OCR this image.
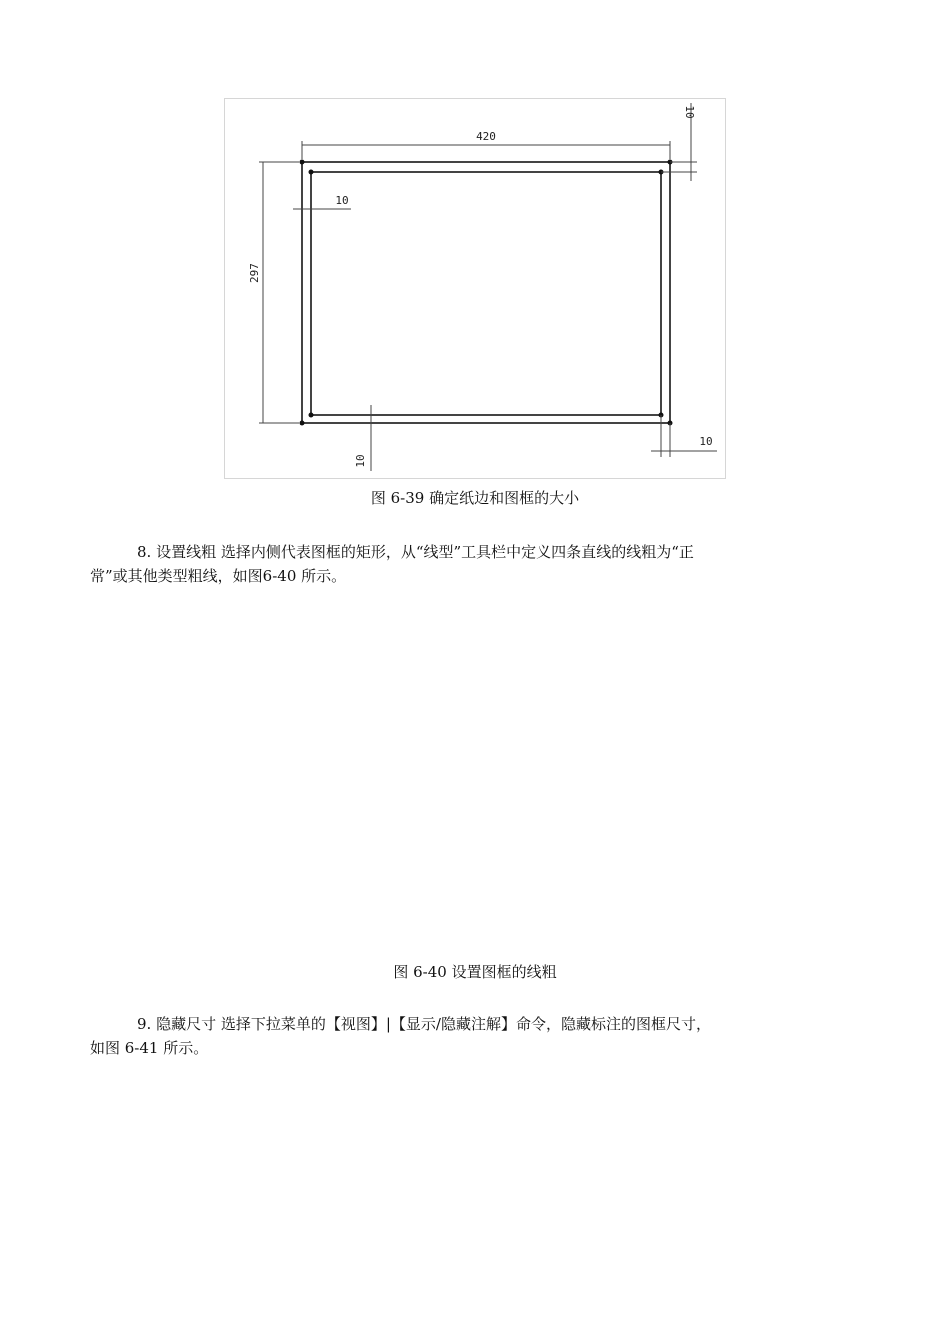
420
297
10
10
10
10
图 6-39 确定纸边和图框的大小
8. 设置线粗 选择内侧代表图框的矩形，从“线型”工具栏中定义四条直线的线粗为“正
常”或其他类型粗线，如图6-40 所示。
图 6-40 设置图框的线粗
9. 隐藏尺寸 选择下拉菜单的【视图】|【显示/隐藏注解】命令，隐藏标注的图框尺寸，
如图 6-41 所示。
